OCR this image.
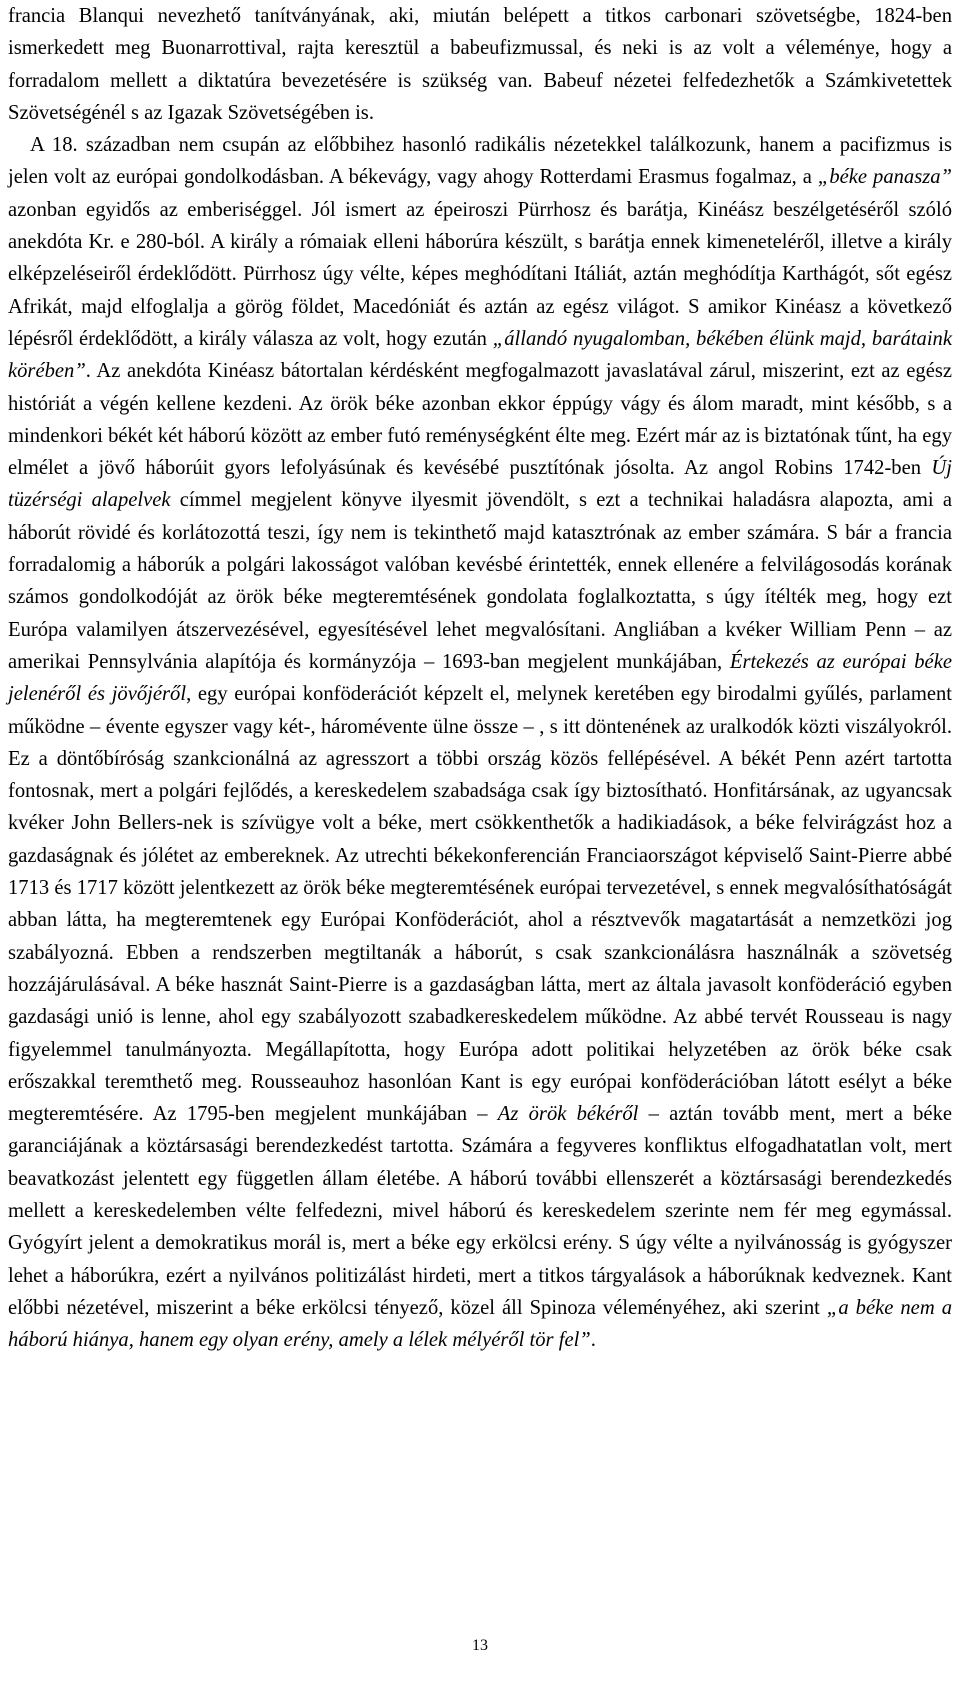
francia Blanqui nevezhető tanítványának, aki, miután belépett a titkos carbonari szövetségbe, 1824-ben ismerkedett meg Buonarrottival, rajta keresztül a babeufizmussal, és neki is az volt a véleménye, hogy a forradalom mellett a diktatúra bevezetésére is szükség van. Babeuf nézetei felfedezhetők a Számkivetettek Szövetségénél s az Igazak Szövetségében is.

A 18. században nem csupán az előbbihez hasonló radikális nézetekkel találkozunk, hanem a pacifizmus is jelen volt az európai gondolkodásban. A békevágy, vagy ahogy Rotterdami Erasmus fogalmaz, a „béke panasza” azonban egyidős az emberiséggel. Jól ismert az épeiroszi Pürrhosz és barátja, Kinéász beszélgetéséről szóló anekdóta Kr. e 280-ból. A király a rómaiak elleni háborúra készült, s barátja ennek kimeneteléről, illetve a király elképzeléseiről érdeklődött. Pürrhosz úgy vélte, képes meghódítani Itáliát, aztán meghódítja Karthágót, sőt egész Afrikát, majd elfoglalja a görög földet, Macedóniát és aztán az egész világot. S amikor Kinéasz a következő lépésről érdeklődött, a király válasza az volt, hogy ezután „állandó nyugalomban, békében élünk majd, barátaink körében”. Az anekdóta Kinéasz bátortalan kérdésként megfogalmazott javaslatával zárul, miszerint, ezt az egész históriát a végén kellene kezdeni. Az örök béke azonban ekkor éppúgy vágy és álom maradt, mint később, s a mindenkori békét két háború között az ember futó reménységként élte meg. Ezért már az is biztatónak tűnt, ha egy elmélet a jövő háborúit gyors lefolyásúnak és kevésébé pusztítónak jósolta. Az angol Robins 1742-ben Új tüzérségi alapelvek címmel megjelent könyve ilyesmit jövendölt, s ezt a technikai haladásra alapozta, ami a háborút rövidé és korlátozottá teszi, így nem is tekinthető majd katasztrónak az ember számára. S bár a francia forradalomig a háborúk a polgári lakosságot valóban kevésbé érintették, ennek ellenére a felvilágosodás korának számos gondolkodóját az örök béke megteremtésének gondolata foglalkoztatta, s úgy ítélték meg, hogy ezt Európa valamilyen átszervezésével, egyesítésével lehet megvalósítani. Angliában a kvéker William Penn – az amerikai Pennsylvánia alapítója és kormányzója – 1693-ban megjelent munkájában, Értekezés az európai béke jelenéről és jövőjéről, egy európai konföderációt képzelt el, melynek keretében egy birodalmi gyűlés, parlament működne – évente egyszer vagy két-, háromévente ülne össze – , s itt döntenének az uralkodók közti viszályokról. Ez a döntőbíróság szankcionálná az agresszort a többi ország közös fellépésével. A békét Penn azért tartotta fontosnak, mert a polgári fejlődés, a kereskedelem szabadsága csak így biztosítható. Honfitársának, az ugyancsak kvéker John Bellers-nek is szívügye volt a béke, mert csökkenthetők a hadikiadások, a béke felvirágzást hoz a gazdaságnak és jólétet az embereknek. Az utrechti békekonferencián Franciaországot képviselő Saint-Pierre abbé 1713 és 1717 között jelentkezett az örök béke megteremtésének európai tervezetével, s ennek megvalósíthatóságát abban látta, ha megteremtenek egy Európai Konföderációt, ahol a résztvevők magatartását a nemzetközi jog szabályozná. Ebben a rendszerben megtiltanák a háborút, s csak szankcionálásra használnák a szövetség hozzájárulásával. A béke hasznát Saint-Pierre is a gazdaságban látta, mert az általa javasolt konföderáció egyben gazdasági unió is lenne, ahol egy szabályozott szabadkereskedelem működne. Az abbé tervét Rousseau is nagy figyelemmel tanulmányozta. Megállapította, hogy Európa adott politikai helyzetében az örök béke csak erőszakkal teremthető meg. Rousseauhoz hasonlóan Kant is egy európai konföderációban látott esélyt a béke megteremtésére. Az 1795-ben megjelent munkájában – Az örök békéről – aztán tovább ment, mert a béke garanciájának a köztársasági berendezkedést tartotta. Számára a fegyveres konfliktus elfogadhatatlan volt, mert beavatkozást jelentett egy független állam életébe. A háború további ellenszerét a köztársasági berendezkedés mellett a kereskedelemben vélte felfedezni, mivel háború és kereskedelem szerinte nem fér meg egymással. Gyógyírt jelent a demokratikus morál is, mert a béke egy erkölcsi erény. S úgy vélte a nyilvánosság is gyógyszer lehet a háborúkra, ezért a nyilvános politizálást hirdeti, mert a titkos tárgyalások a háborúknak kedveznek. Kant előbbi nézetével, miszerint a béke erkölcsi tényező, közel áll Spinoza véleményéhez, aki szerint „a béke nem a háború hiánya, hanem egy olyan erény, amely a lélek mélyéről tör fel”.

13
